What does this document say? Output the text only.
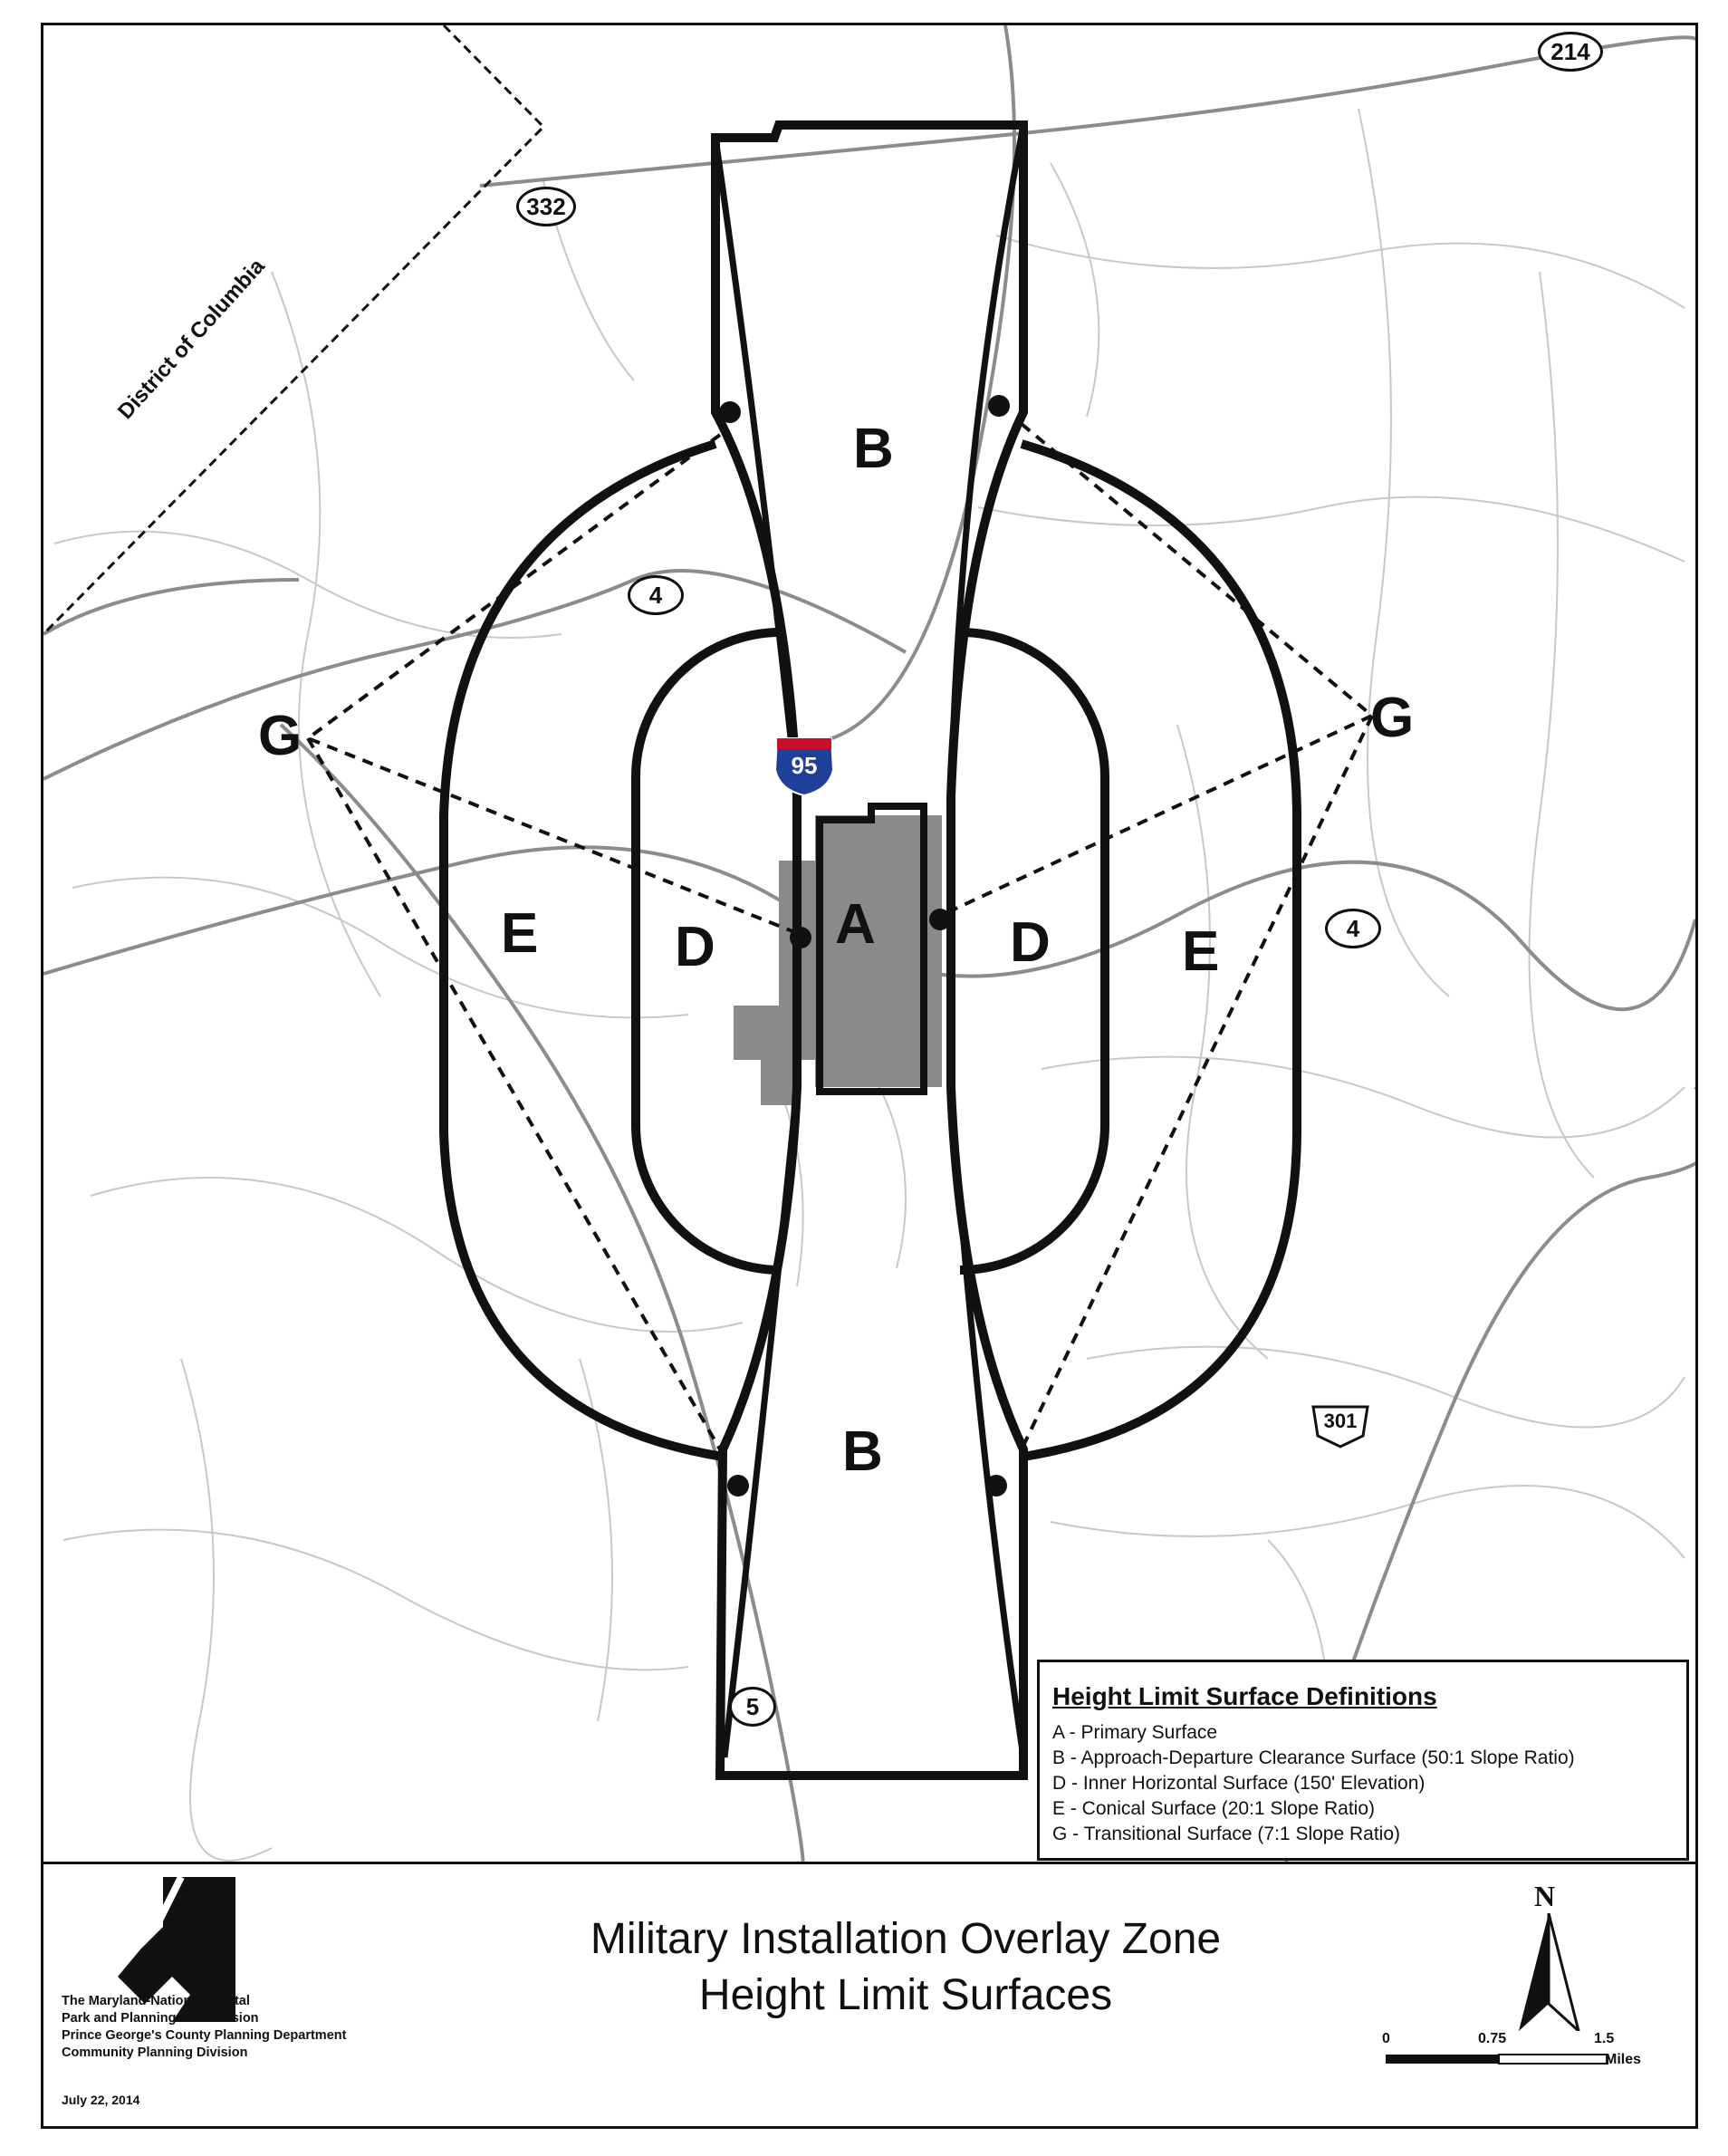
District of Columbia
B
B
A
D	D
E	E
G	G
214
332
4
4
5
95
301
Height Limit Surface Definitions
A - Primary Surface
B - Approach-Departure Clearance Surface (50:1 Slope Ratio)
D - Inner Horizontal Surface (150' Elevation)
E - Conical Surface (20:1 Slope Ratio)
G - Transitional Surface (7:1 Slope Ratio)
Military Installation Overlay Zone
Height Limit Surfaces
The Maryland-National Capital
Park and Planning Commission
Prince George's County Planning Department
Community Planning Division
July 22, 2014
N
0	0.75	1.5
Miles
